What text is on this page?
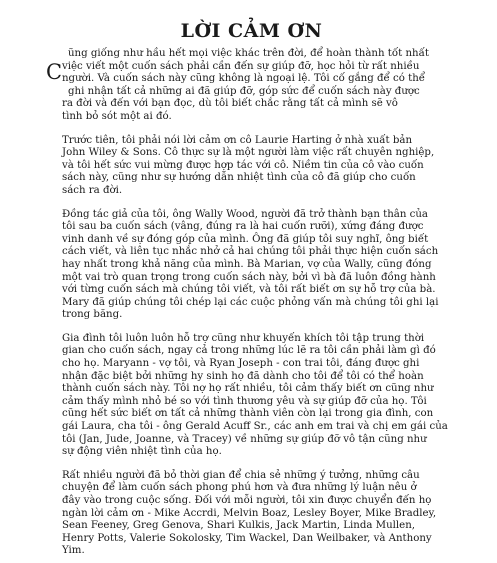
LỜI CẢM ƠN
C
ũng giống như hầu hết mọi việc khác trên đời, để hoàn thành tốt nhất
việc viết một cuốn sách phải cần đến sự giúp đỡ, học hỏi từ rất nhiều
người. Và cuốn sách này cũng không là ngoại lệ. Tôi cố gắng để có thể
ghi nhận tất cả những ai đã giúp đỡ, góp sức để cuốn sách này được
ra đời và đến với bạn đọc, dù tôi biết chắc rằng tất cả mình sẽ vô
tình bỏ sót một ai đó.
Trước tiên, tôi phải nói lời cảm ơn cô Laurie Harting ở nhà xuất bản
John Wiley & Sons. Cô thực sự là một người làm việc rất chuyên nghiệp,
và tôi hết sức vui mừng được hợp tác với cô. Niềm tin của cô vào cuốn
sách này, cũng như sự hướng dẫn nhiệt tình của cô đã giúp cho cuốn
sách ra đời.
Đồng tác giả của tôi, ông Wally Wood, người đã trở thành bạn thân của
tôi sau ba cuốn sách (vâng, đúng ra là hai cuốn rưỡi), xứng đáng được
vinh danh về sự đóng góp của mình. Ông đã giúp tôi suy nghĩ, ông biết
cách viết, và liên tục nhắc nhở cả hai chúng tôi phải thực hiện cuốn sách
hay nhất trong khả năng của mình. Bà Marian, vợ của Wally, cũng đóng
một vai trò quan trọng trong cuốn sách này, bởi vì bà đã luôn đồng hành
với từng cuốn sách mà chúng tôi viết, và tôi rất biết ơn sự hỗ trợ của bà.
Mary đã giúp chúng tôi chép lại các cuộc phỏng vấn mà chúng tôi ghi lại
trong băng.
Gia đình tôi luôn luôn hỗ trợ cũng như khuyến khích tôi tập trung thời
gian cho cuốn sách, ngay cả trong những lúc lẽ ra tôi cần phải làm gì đó
cho họ. Maryann - vợ tôi, và Ryan Joseph - con trai tôi, đáng được ghi
nhận đặc biệt bởi những hy sinh họ đã dành cho tôi để tôi có thể hoàn
thành cuốn sách này. Tôi nợ họ rất nhiều, tôi cảm thấy biết ơn cũng như
cảm thấy mình nhỏ bé so với tình thương yêu và sự giúp đỡ của họ. Tôi
cũng hết sức biết ơn tất cả những thành viên còn lại trong gia đình, con
gái Laura, cha tôi - ông Gerald Acuff Sr., các anh em trai và chị em gái của
tôi (Jan, Jude, Joanne, và Tracey) về những sự giúp đỡ vô tận cũng như
sự động viên nhiệt tình của họ.
Rất nhiều người đã bỏ thời gian để chia sẻ những ý tưởng, những câu
chuyện để làm cuốn sách phong phú hơn và đưa những lý luận nêu ở
đây vào trong cuộc sống. Đối với mỗi người, tôi xin được chuyển đến họ
ngàn lời cảm ơn - Mike Accrdi, Melvin Boaz, Lesley Boyer, Mike Bradley,
Sean Feeney, Greg Genova, Shari Kulkis, Jack Martin, Linda Mullen,
Henry Potts, Valerie Sokolosky, Tim Wackel, Dan Weilbaker, và Anthony
Yim.
